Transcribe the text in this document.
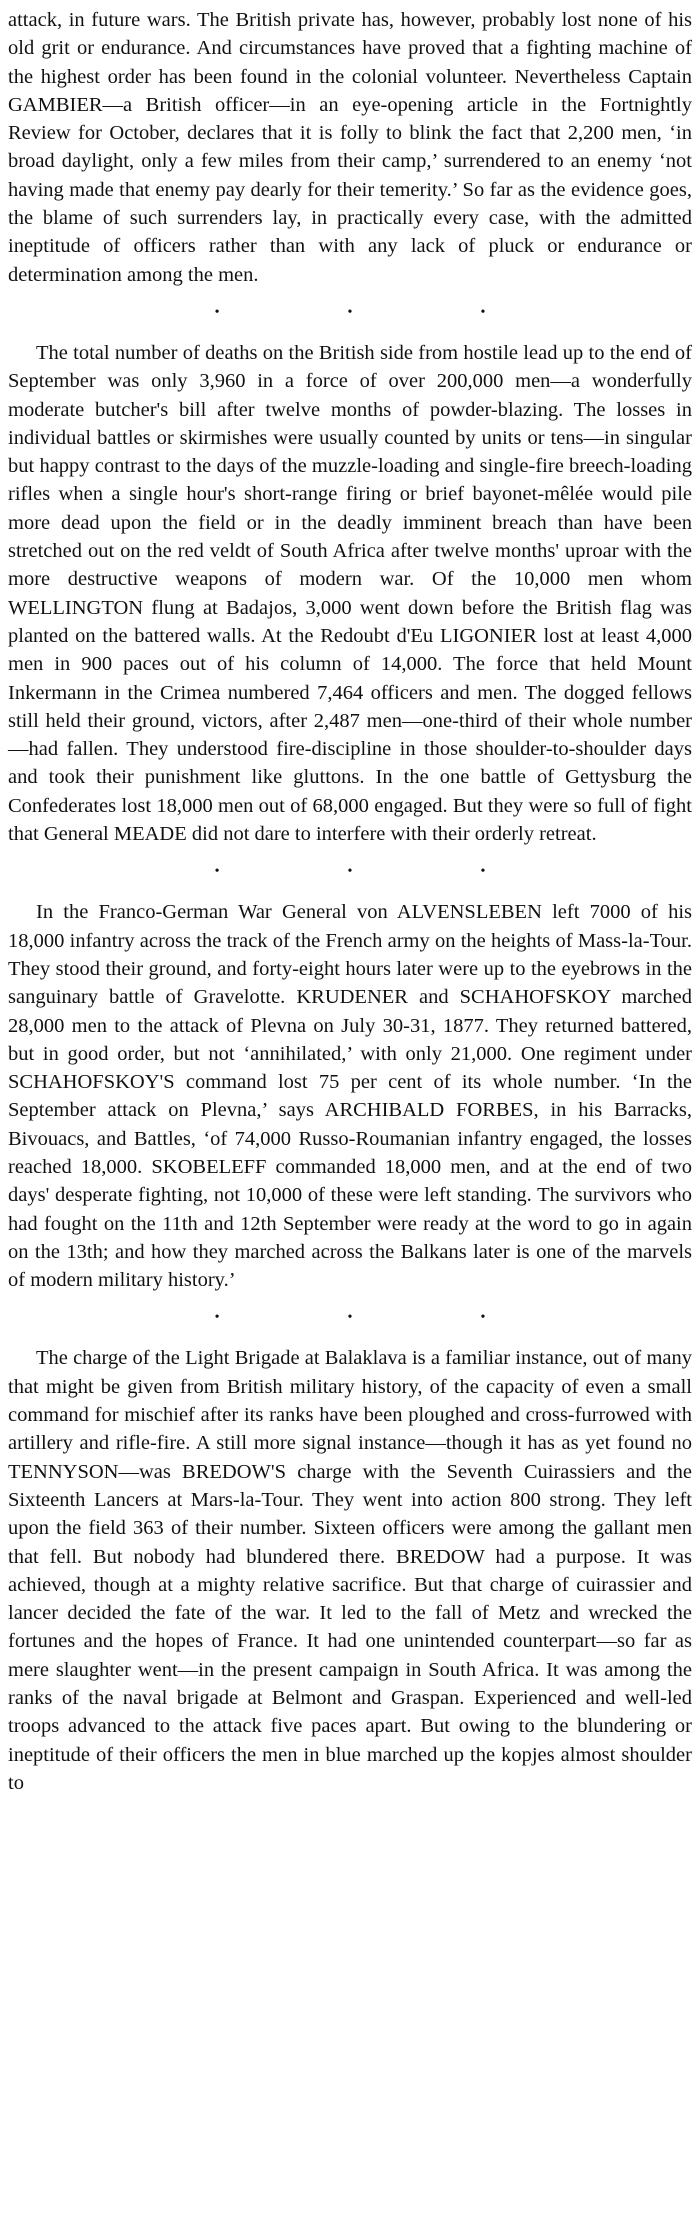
attack, in future wars. The British private has, however, probably lost none of his old grit or endurance. And circumstances have proved that a fighting machine of the highest order has been found in the colonial volunteer. Nevertheless Captain GAMBIER—a British officer—in an eye-opening article in the Fortnightly Review for October, declares that it is folly to blink the fact that 2,200 men, ‘in broad daylight, only a few miles from their camp,’ surrendered to an enemy ‘not having made that enemy pay dearly for their temerity.’ So far as the evidence goes, the blame of such surrenders lay, in practically every case, with the admitted ineptitude of officers rather than with any lack of pluck or endurance or determination among the men.

•	•	•

The total number of deaths on the British side from hostile lead up to the end of September was only 3,960 in a force of over 200,000 men—a wonderfully moderate butcher's bill after twelve months of powder-blazing. The losses in individual battles or skirmishes were usually counted by units or tens—in singular but happy contrast to the days of the muzzle-loading and single-fire breech-loading rifles when a single hour's short-range firing or brief bayonet-mêlée would pile more dead upon the field or in the deadly imminent breach than have been stretched out on the red veldt of South Africa after twelve months' uproar with the more destructive weapons of modern war. Of the 10,000 men whom WELLINGTON flung at Badajos, 3,000 went down before the British flag was planted on the battered walls. At the Redoubt d'Eu LIGONIER lost at least 4,000 men in 900 paces out of his column of 14,000. The force that held Mount Inkermann in the Crimea numbered 7,464 officers and men. The dogged fellows still held their ground, victors, after 2,487 men—one-third of their whole number—had fallen. They understood fire-discipline in those shoulder-to-shoulder days and took their punishment like gluttons. In the one battle of Gettysburg the Confederates lost 18,000 men out of 68,000 engaged. But they were so full of fight that General MEADE did not dare to interfere with their orderly retreat.

•	•	•

In the Franco-German War General von ALVENSLEBEN left 7000 of his 18,000 infantry across the track of the French army on the heights of Mass-la-Tour. They stood their ground, and forty-eight hours later were up to the eyebrows in the sanguinary battle of Gravelotte. KRUDENER and SCHAHOFSKOY marched 28,000 men to the attack of Plevna on July 30-31, 1877. They returned battered, but in good order, but not ‘annihilated,’ with only 21,000. One regiment under SCHAHOFSKOY'S command lost 75 per cent of its whole number. ‘In the September attack on Plevna,’ says ARCHIBALD FORBES, in his Barracks, Bivouacs, and Battles, ‘of 74,000 Russo-Roumanian infantry engaged, the losses reached 18,000. SKOBELEFF commanded 18,000 men, and at the end of two days' desperate fighting, not 10,000 of these were left standing. The survivors who had fought on the 11th and 12th September were ready at the word to go in again on the 13th; and how they marched across the Balkans later is one of the marvels of modern military history.’

•	•	•

The charge of the Light Brigade at Balaklava is a familiar instance, out of many that might be given from British military history, of the capacity of even a small command for mischief after its ranks have been ploughed and cross-furrowed with artillery and rifle-fire. A still more signal instance—though it has as yet found no TENNYSON—was BREDOW'S charge with the Seventh Cuirassiers and the Sixteenth Lancers at Mars-la-Tour. They went into action 800 strong. They left upon the field 363 of their number. Sixteen officers were among the gallant men that fell. But nobody had blundered there. BREDOW had a purpose. It was achieved, though at a mighty relative sacrifice. But that charge of cuirassier and lancer decided the fate of the war. It led to the fall of Metz and wrecked the fortunes and the hopes of France. It had one unintended counterpart—so far as mere slaughter went—in the present campaign in South Africa. It was among the ranks of the naval brigade at Belmont and Graspan. Experienced and well-led troops advanced to the attack five paces apart. But owing to the blundering or ineptitude of their officers the men in blue marched up the kopjes almost shoulder to
